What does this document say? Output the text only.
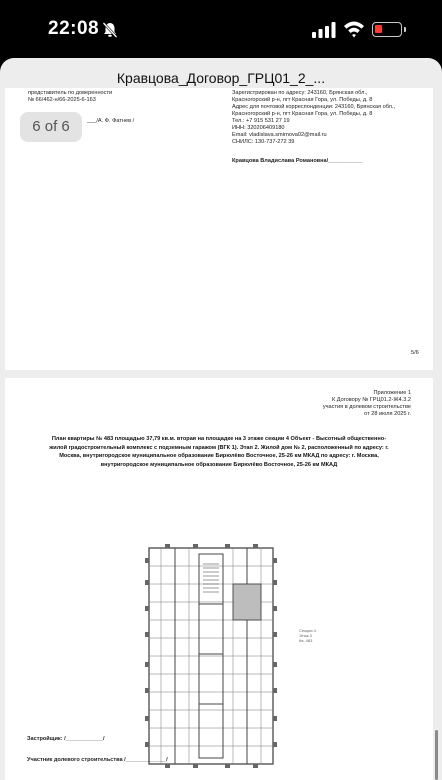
22:08
Кравцова_Договор_ГРЦ01_2_...
представитель по доверенности
№ 66/462-н/66-2025-6-163
___/А. Ф. Фатнев /
Зарегистрирован по адресу: 243160, Брянская обл.,
Красногорский р-н, пгт Красная Гора, ул. Победы, д. 8
Адрес для почтовой корреспонденции: 243160, Брянская обл.,
Красногорский р-н, пгт Красная Гора, ул. Победы, д. 8
Тел.: +7 915 531 27 19
ИНН: 320206409180
Email: vladislava.smirnova02@mail.ru
СНИЛС: 130-737-272 39
Кравцова Владиславa Романовна/___________
5/6
6 of 6
Приложение 1
К Договору № ГРЦ01.2-Ж4.3.2
участия в долевом строительстве
от 28 июля 2025 г.
План квартиры № 483 площадью 37,79 кв.м. вторая на площадке на 3 этаже секции 4 Объект - Высотный общественно-
жилой градостроительный комплекс с подземным гаражом (ВГК 1). Этап 2. Жилой дом № 2, расположенный по адресу: г.
Москва, внутригородское муниципальное образование Бирюлёво Восточное, 25-26 км МКАД по адресу: г. Москва,
внутригородское муниципальное образование Бирюлёво Восточное, 25-26 км МКАД
Секция 4
Этаж 3
Кв. 483
Застройщик: /____________/
Участник долевого строительства /_____________/
